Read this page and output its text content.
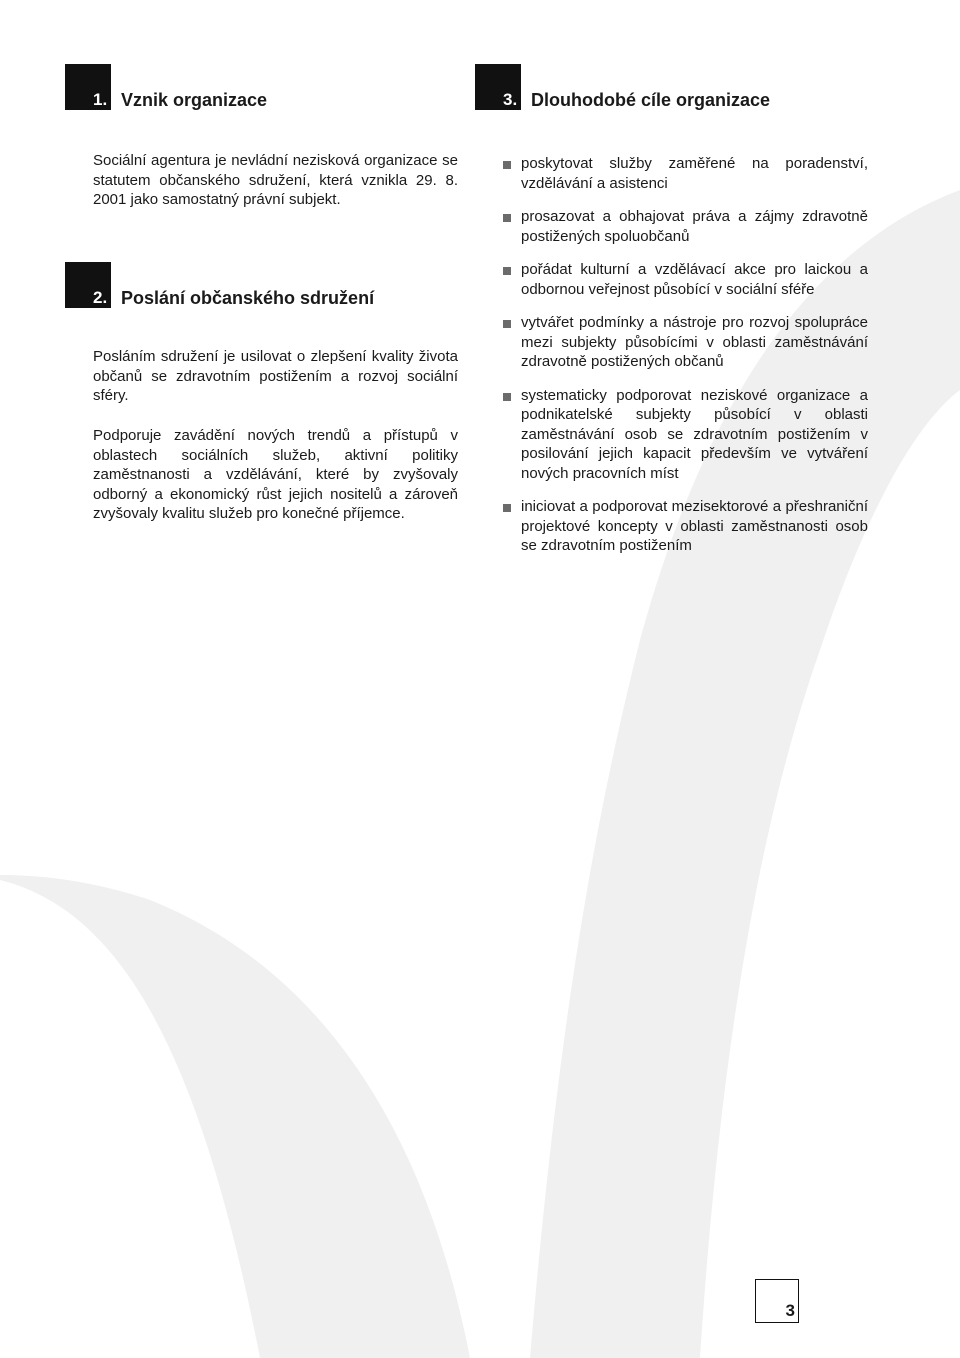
1. Vznik organizace
Sociální agentura je nevládní nezisková organizace se statutem občanského sdružení, která vznikla 29. 8. 2001 jako samostatný právní subjekt.
2. Poslání občanského sdružení
Posláním sdružení je usilovat o zlepšení kvality života občanů se zdravotním postižením a rozvoj sociální sféry.
Podporuje zavádění nových trendů a přístupů v oblastech sociálních služeb, aktivní politiky zaměstnanosti a vzdělávání, které by zvyšovaly odborný a ekonomický růst jejich nositelů a zároveň zvyšovaly kvalitu služeb pro konečné příjemce.
3. Dlouhodobé cíle organizace
poskytovat služby zaměřené na poradenství, vzdělávání a asistenci
prosazovat a obhajovat práva a zájmy zdravotně postižených spoluobčanů
pořádat kulturní a vzdělávací akce pro laickou a odbornou veřejnost působící v sociální sféře
vytvářet podmínky a nástroje pro rozvoj spolupráce mezi subjekty působícími v oblasti zaměstnávání zdravotně postižených občanů
systematicky podporovat neziskové organizace a podnikatelské subjekty působící v oblasti zaměstnávání osob se zdravotním postižením v posilování jejich kapacit především ve vytváření nových pracovních míst
iniciovat a podporovat mezisektorové a přeshraniční projektové koncepty v oblasti zaměstnanosti osob se zdravotním postižením
3
